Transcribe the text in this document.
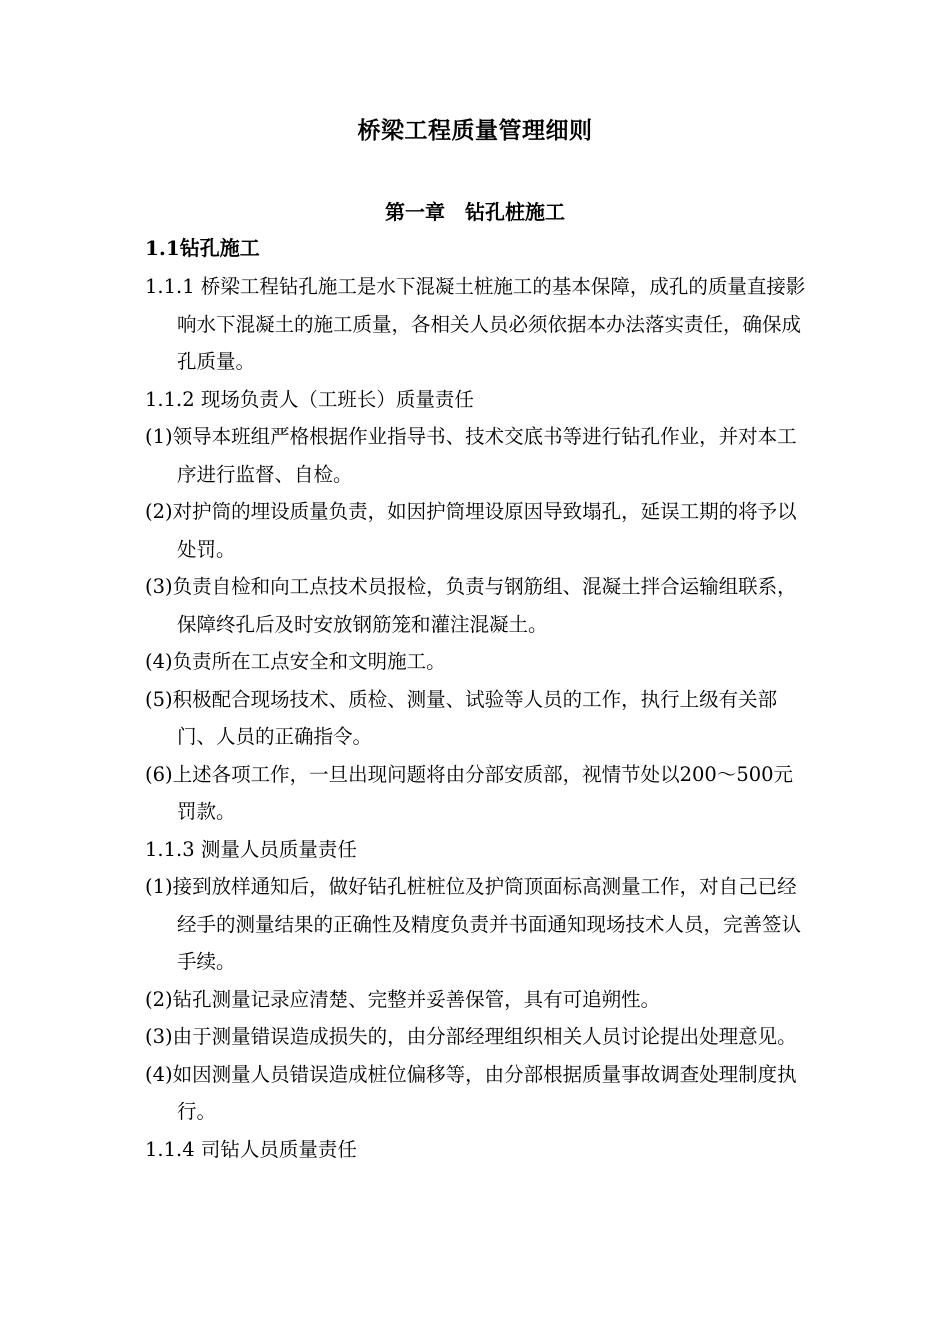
桥梁工程质量管理细则
第一章　钻孔桩施工
1.1钻孔施工

1.1.1 桥梁工程钻孔施工是水下混凝土桩施工的基本保障，成孔的质量直接影响水下混凝土的施工质量，各相关人员必须依据本办法落实责任，确保成孔质量。

1.1.2 现场负责人（工班长）质量责任

(1)领导本班组严格根据作业指导书、技术交底书等进行钻孔作业，并对本工序进行监督、自检。

(2)对护筒的埋设质量负责，如因护筒埋设原因导致塌孔，延误工期的将予以处罚。

(3)负责自检和向工点技术员报检，负责与钢筋组、混凝土拌合运输组联系，保障终孔后及时安放钢筋笼和灌注混凝土。

(4)负责所在工点安全和文明施工。

(5)积极配合现场技术、质检、测量、试验等人员的工作，执行上级有关部门、人员的正确指令。

(6)上述各项工作，一旦出现问题将由分部安质部，视情节处以200～500元罚款。

1.1.3 测量人员质量责任

(1)接到放样通知后，做好钻孔桩桩位及护筒顶面标高测量工作，对自己已经经手的测量结果的正确性及精度负责并书面通知现场技术人员，完善签认手续。

(2)钻孔测量记录应清楚、完整并妥善保管，具有可追朔性。

(3)由于测量错误造成损失的，由分部经理组织相关人员讨论提出处理意见。

(4)如因测量人员错误造成桩位偏移等，由分部根据质量事故调查处理制度执行。

1.1.4 司钻人员质量责任
